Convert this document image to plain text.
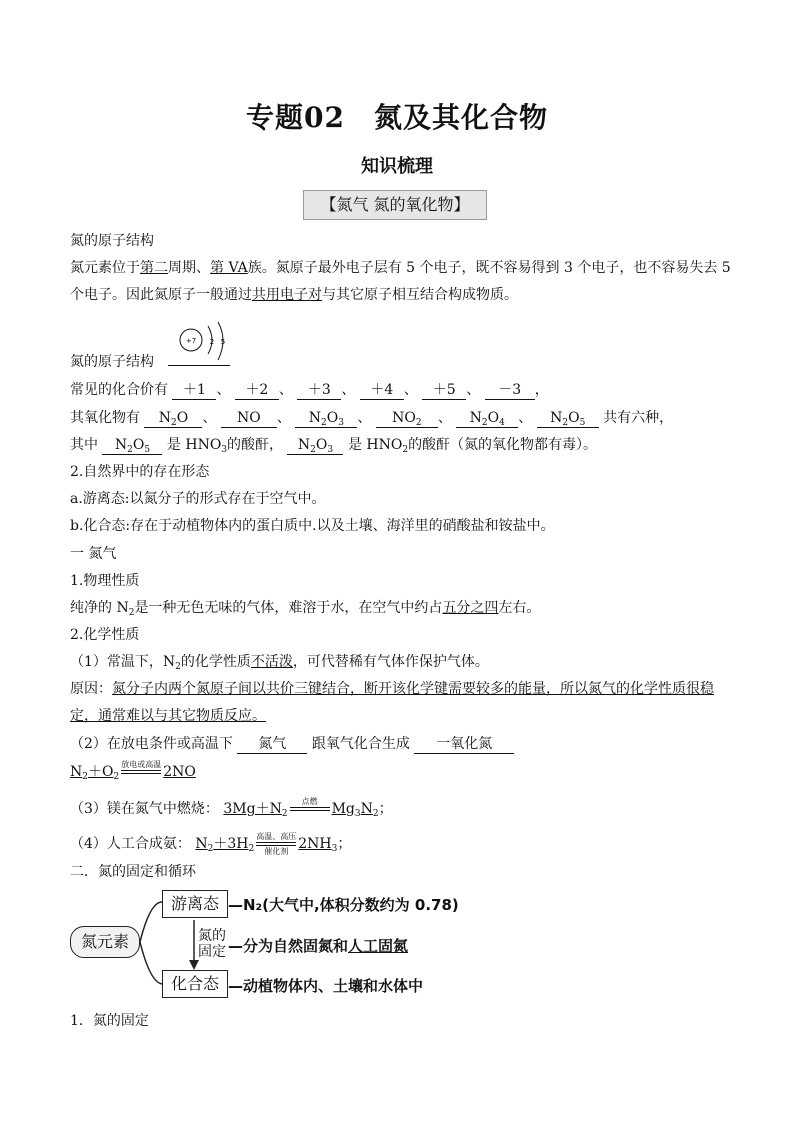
专题02　氮及其化合物
知识梳理
【氮气 氮的氧化物】
氮的原子结构
氮元素位于第二周期、第 VA族。氮原子最外电子层有 5 个电子，既不容易得到 3 个电子，也不容易失去 5
个电子。因此氮原子一般通过共用电子对与其它原子相互结合构成物质。
+7 2 5
氮的原子结构　
常见的化合价有 ＋1 、 ＋2 、 ＋3 、 ＋4 、 ＋5 、 －3 ，
其氧化物有 $N_2O$ 、 NO 、 $N_2O_3$ 、 $NO_2$ 、 $N_2O_4$ 、 $N_2O_5$ 共有六种，
其中 $N_2O_5$ 是 $HNO_3$的酸酐， $N_2O_3$ 是 $HNO_2$的酸酐（氮的氧化物都有毒）。
2.自然界中的存在形态
a.游离态:以氮分子的形式存在于空气中。
b.化合态:存在于动植物体内的蛋白质中.以及土壤、海洋里的硝酸盐和铵盐中。
一 氮气
1.物理性质
纯净的 $N_2$是一种无色无味的气体，难溶于水，在空气中约占五分之四左右。
2.化学性质
（1）常温下，$N_2$的化学性质不活泼，可代替稀有气体作保护气体。
原因：氮分子内两个氮原子间以共价三键结合，断开该化学键需要较多的能量，所以氮气的化学性质很稳
定，通常难以与其它物质反应。
（2）在放电条件或高温下 氮气 跟氧气化合生成 一氧化氮
$N_2+O_2$放电或高温 2NO
（3）镁在氮气中燃烧： $3Mg+N_2$点燃 $Mg_3N_2$；
（4）人工合成氨： $N_2+3H_2$高温、高压
催化剂 $2NH_3$；
二．氮的固定和循环
氮元素
游离态 —N₂(大气中,体积分数约为 0.78)
氮的
固定 —分为自然固氮和人工固氮
化合态 —动植物体内、土壤和水体中
1．氮的固定
